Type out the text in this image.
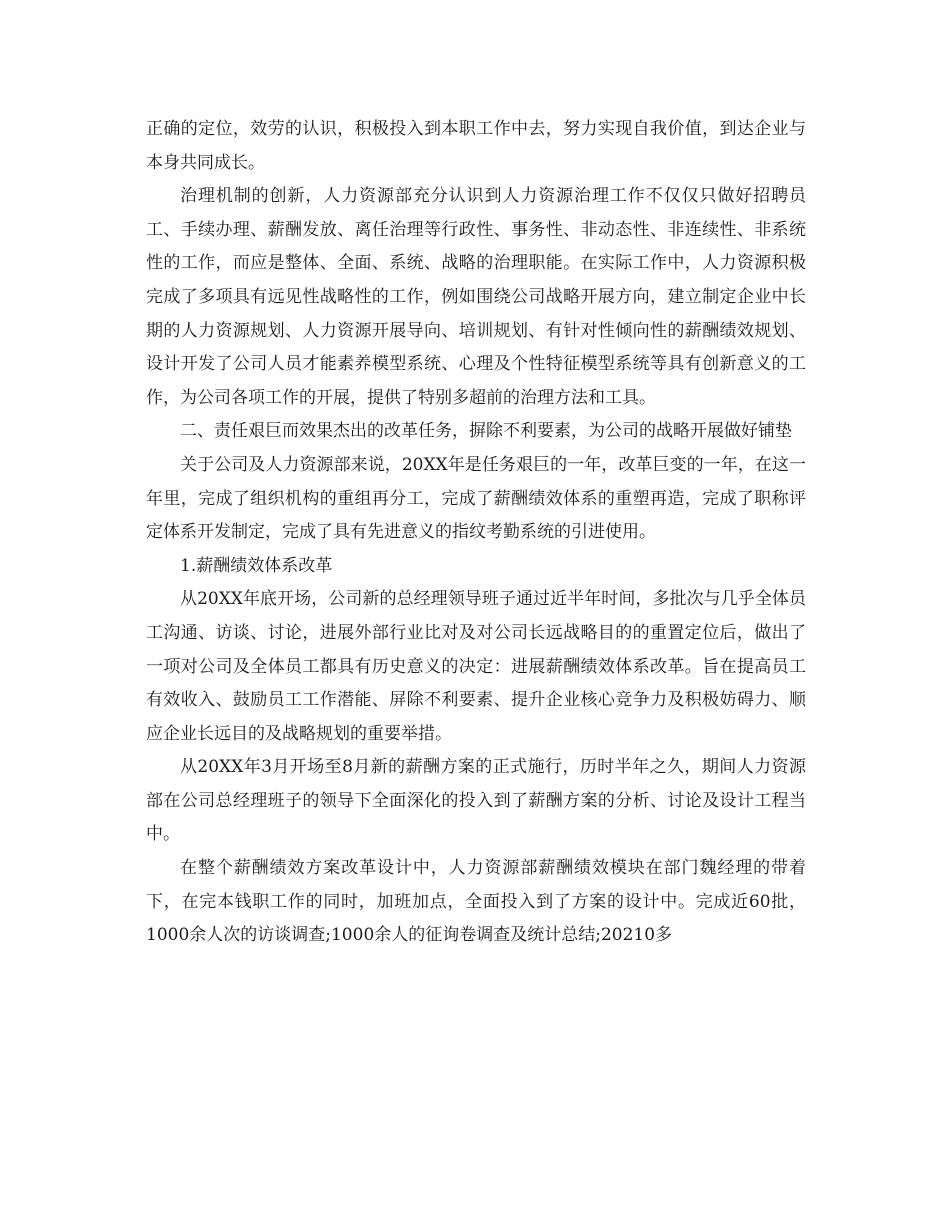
正确的定位，效劳的认识，积极投入到本职工作中去，努力实现自我价值，到达企业与本身共同成长。

治理机制的创新，人力资源部充分认识到人力资源治理工作不仅仅只做好招聘员工、手续办理、薪酬发放、离任治理等行政性、事务性、非动态性、非连续性、非系统性的工作，而应是整体、全面、系统、战略的治理职能。在实际工作中，人力资源积极完成了多项具有远见性战略性的工作，例如围绕公司战略开展方向，建立制定企业中长期的人力资源规划、人力资源开展导向、培训规划、有针对性倾向性的薪酬绩效规划、设计开发了公司人员才能素养模型系统、心理及个性特征模型系统等具有创新意义的工作，为公司各项工作的开展，提供了特别多超前的治理方法和工具。

二、责任艰巨而效果杰出的改革任务，摒除不利要素，为公司的战略开展做好铺垫

关于公司及人力资源部来说，20XX年是任务艰巨的一年，改革巨变的一年，在这一年里，完成了组织机构的重组再分工，完成了薪酬绩效体系的重塑再造，完成了职称评定体系开发制定，完成了具有先进意义的指纹考勤系统的引进使用。

1.薪酬绩效体系改革

从20XX年底开场，公司新的总经理领导班子通过近半年时间，多批次与几乎全体员工沟通、访谈、讨论，进展外部行业比对及对公司长远战略目的的重置定位后，做出了一项对公司及全体员工都具有历史意义的决定：进展薪酬绩效体系改革。旨在提高员工有效收入、鼓励员工工作潜能、屏除不利要素、提升企业核心竞争力及积极妨碍力、顺应企业长远目的及战略规划的重要举措。

从20XX年3月开场至8月新的薪酬方案的正式施行，历时半年之久，期间人力资源部在公司总经理班子的领导下全面深化的投入到了薪酬方案的分析、讨论及设计工程当中。

在整个薪酬绩效方案改革设计中，人力资源部薪酬绩效模块在部门魏经理的带着下，在完本钱职工作的同时，加班加点，全面投入到了方案的设计中。完成近60批，1000余人次的访谈调查;1000余人的征询卷调查及统计总结;20210多
